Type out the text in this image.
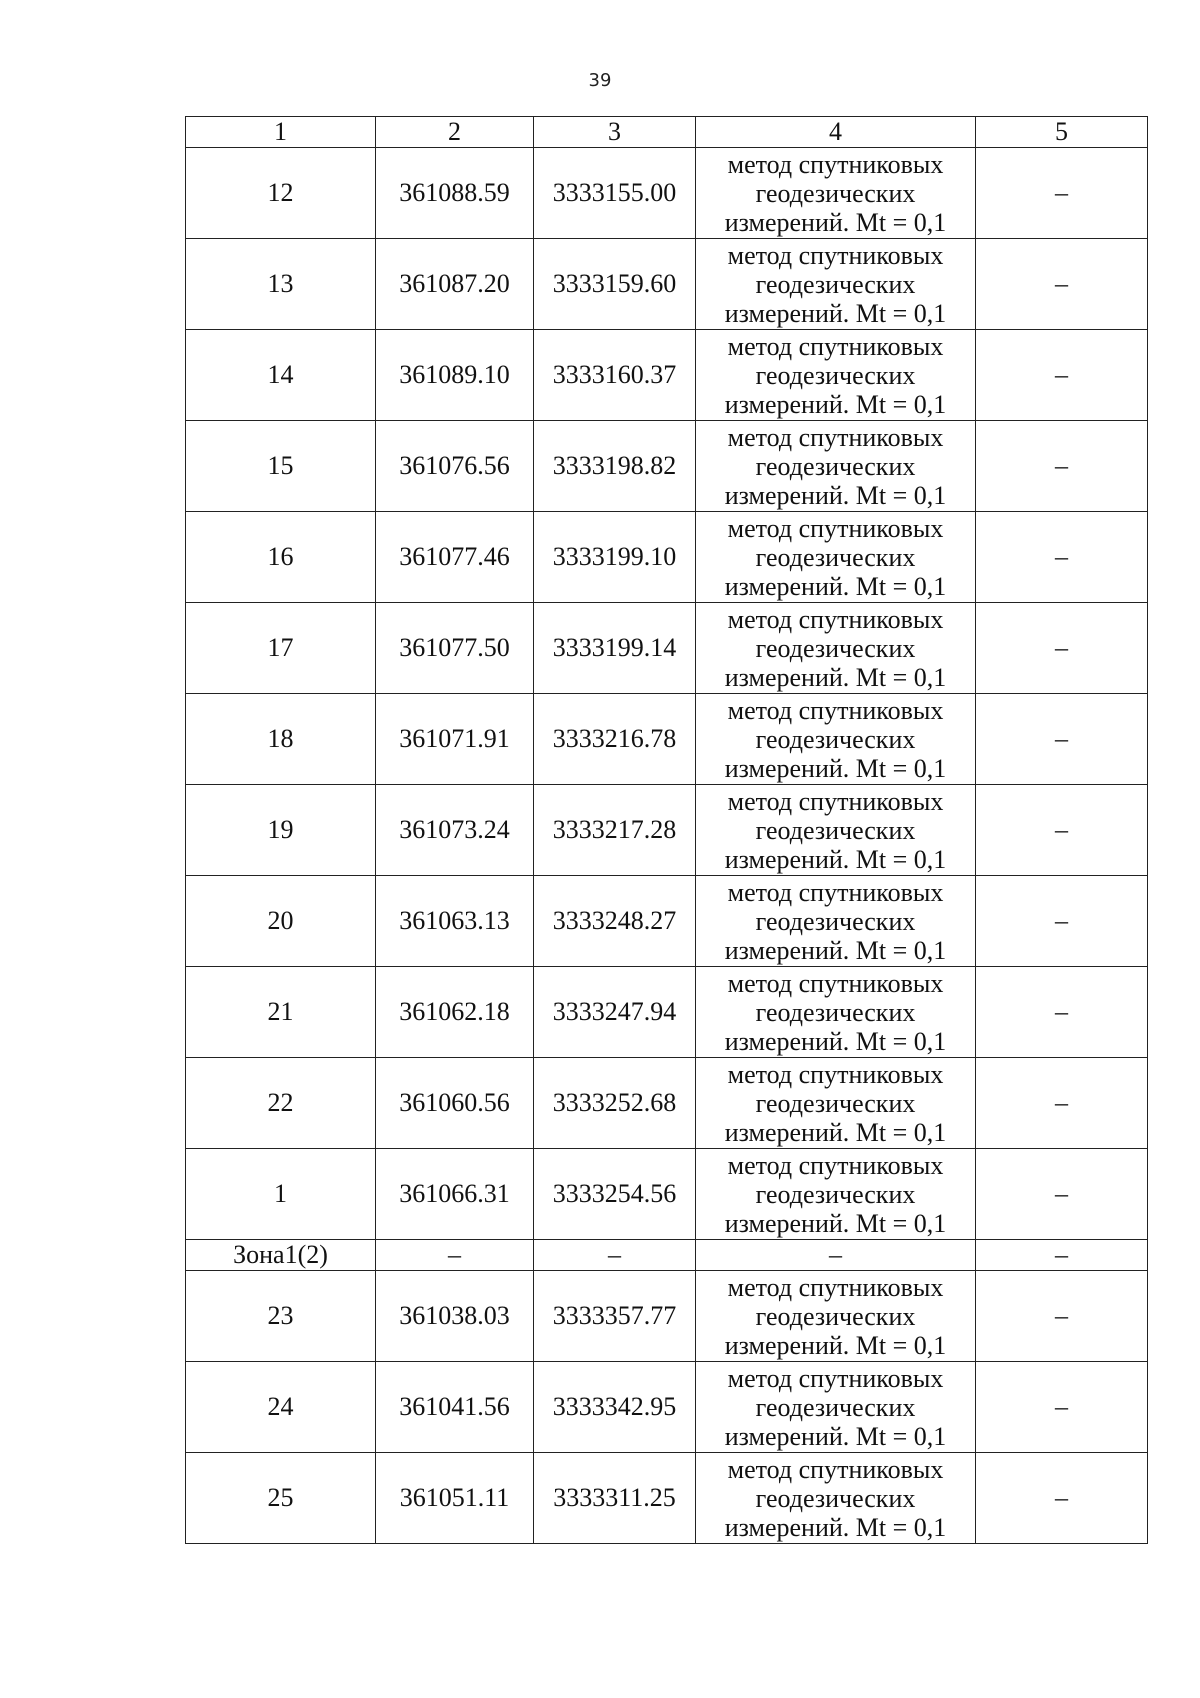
39
1	2	3	4	5
12	361088.59	3333155.00	метод спутниковых
геодезических
измерений. Mt = 0,1	–
13	361087.20	3333159.60	метод спутниковых
геодезических
измерений. Mt = 0,1	–
14	361089.10	3333160.37	метод спутниковых
геодезических
измерений. Mt = 0,1	–
15	361076.56	3333198.82	метод спутниковых
геодезических
измерений. Mt = 0,1	–
16	361077.46	3333199.10	метод спутниковых
геодезических
измерений. Mt = 0,1	–
17	361077.50	3333199.14	метод спутниковых
геодезических
измерений. Mt = 0,1	–
18	361071.91	3333216.78	метод спутниковых
геодезических
измерений. Mt = 0,1	–
19	361073.24	3333217.28	метод спутниковых
геодезических
измерений. Mt = 0,1	–
20	361063.13	3333248.27	метод спутниковых
геодезических
измерений. Mt = 0,1	–
21	361062.18	3333247.94	метод спутниковых
геодезических
измерений. Mt = 0,1	–
22	361060.56	3333252.68	метод спутниковых
геодезических
измерений. Mt = 0,1	–
1	361066.31	3333254.56	метод спутниковых
геодезических
измерений. Mt = 0,1	–
Зона1(2)	–	–	–	–
23	361038.03	3333357.77	метод спутниковых
геодезических
измерений. Mt = 0,1	–
24	361041.56	3333342.95	метод спутниковых
геодезических
измерений. Mt = 0,1	–
25	361051.11	3333311.25	метод спутниковых
геодезических
измерений. Mt = 0,1	–
